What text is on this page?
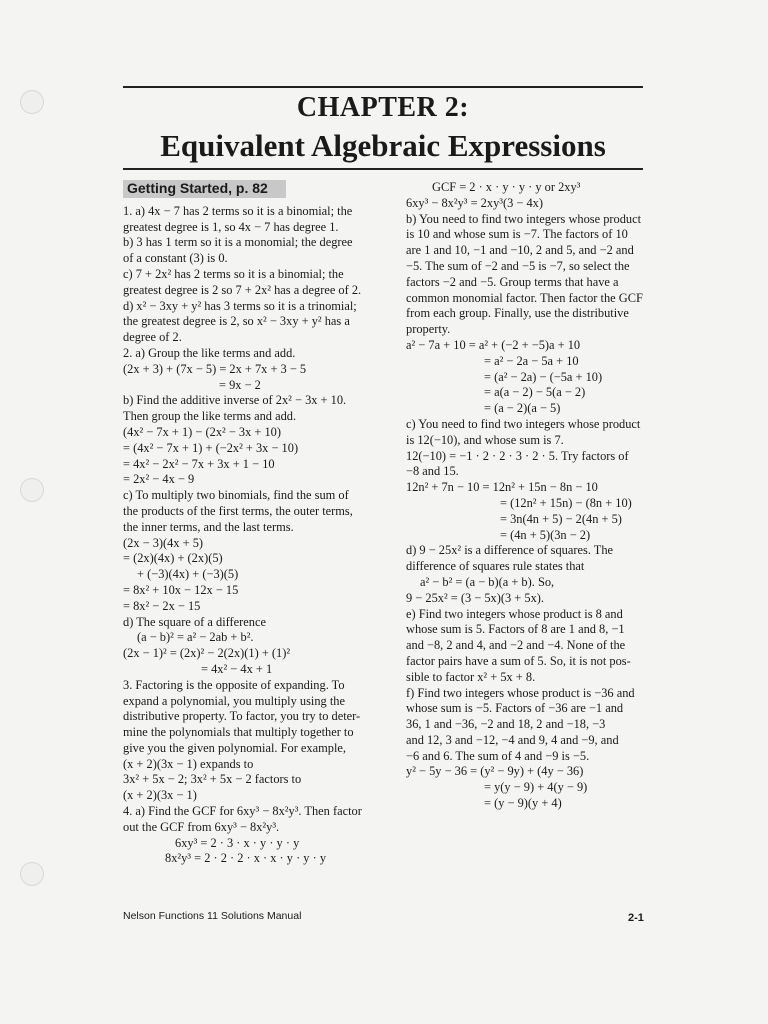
CHAPTER 2:
Equivalent Algebraic Expressions
Getting Started, p. 82
1. a) 4x − 7 has 2 terms so it is a binomial; the
greatest degree is 1, so 4x − 7 has degree 1.
b) 3 has 1 term so it is a monomial; the degree
of a constant (3) is 0.
c) 7 + 2x² has 2 terms so it is a binomial; the
greatest degree is 2 so 7 + 2x² has a degree of 2.
d) x² − 3xy + y² has 3 terms so it is a trinomial;
the greatest degree is 2, so x² − 3xy + y² has a
degree of 2.
2. a) Group the like terms and add.
(2x + 3) + (7x − 5) = 2x + 7x + 3 − 5
= 9x − 2
b) Find the additive inverse of 2x² − 3x + 10.
Then group the like terms and add.
(4x² − 7x + 1) − (2x² − 3x + 10)
= (4x² − 7x + 1) + (−2x² + 3x − 10)
= 4x² − 2x² − 7x + 3x + 1 − 10
= 2x² − 4x − 9
c) To multiply two binomials, find the sum of
the products of the first terms, the outer terms,
the inner terms, and the last terms.
(2x − 3)(4x + 5)
= (2x)(4x) + (2x)(5)
+ (−3)(4x) + (−3)(5)
= 8x² + 10x − 12x − 15
= 8x² − 2x − 15
d) The square of a difference
(a − b)² = a² − 2ab + b².
(2x − 1)² = (2x)² − 2(2x)(1) + (1)²
= 4x² − 4x + 1
3. Factoring is the opposite of expanding. To
expand a polynomial, you multiply using the
distributive property. To factor, you try to deter-
mine the polynomials that multiply together to
give you the given polynomial. For example,
(x + 2)(3x − 1) expands to
3x² + 5x − 2; 3x² + 5x − 2 factors to
(x + 2)(3x − 1)
4. a) Find the GCF for 6xy³ − 8x²y³. Then factor
out the GCF from 6xy³ − 8x²y³.
6xy³ = 2 · 3 · x · y · y · y
8x²y³ = 2 · 2 · 2 · x · x · y · y · y
GCF = 2 · x · y · y · y or 2xy³
6xy³ − 8x²y³ = 2xy³(3 − 4x)
b) You need to find two integers whose product
is 10 and whose sum is −7. The factors of 10
are 1 and 10, −1 and −10, 2 and 5, and −2 and
−5. The sum of −2 and −5 is −7, so select the
factors −2 and −5. Group terms that have a
common monomial factor. Then factor the GCF
from each group. Finally, use the distributive
property.
a² − 7a + 10 = a² + (−2 + −5)a + 10
= a² − 2a − 5a + 10
= (a² − 2a) − (−5a + 10)
= a(a − 2) − 5(a − 2)
= (a − 2)(a − 5)
c) You need to find two integers whose product
is 12(−10), and whose sum is 7.
12(−10) = −1 · 2 · 2 · 3 · 2 · 5. Try factors of
−8 and 15.
12n² + 7n − 10 = 12n² + 15n − 8n − 10
= (12n² + 15n) − (8n + 10)
= 3n(4n + 5) − 2(4n + 5)
= (4n + 5)(3n − 2)
d) 9 − 25x² is a difference of squares. The
difference of squares rule states that
a² − b² = (a − b)(a + b). So,
9 − 25x² = (3 − 5x)(3 + 5x).
e) Find two integers whose product is 8 and
whose sum is 5. Factors of 8 are 1 and 8, −1
and −8, 2 and 4, and −2 and −4. None of the
factor pairs have a sum of 5. So, it is not pos-
sible to factor x² + 5x + 8.
f) Find two integers whose product is −36 and
whose sum is −5. Factors of −36 are −1 and
36, 1 and −36, −2 and 18, 2 and −18, −3
and 12, 3 and −12, −4 and 9, 4 and −9, and
−6 and 6. The sum of 4 and −9 is −5.
y² − 5y − 36 = (y² − 9y) + (4y − 36)
= y(y − 9) + 4(y − 9)
= (y − 9)(y + 4)
Nelson Functions 11 Solutions Manual	2-1
